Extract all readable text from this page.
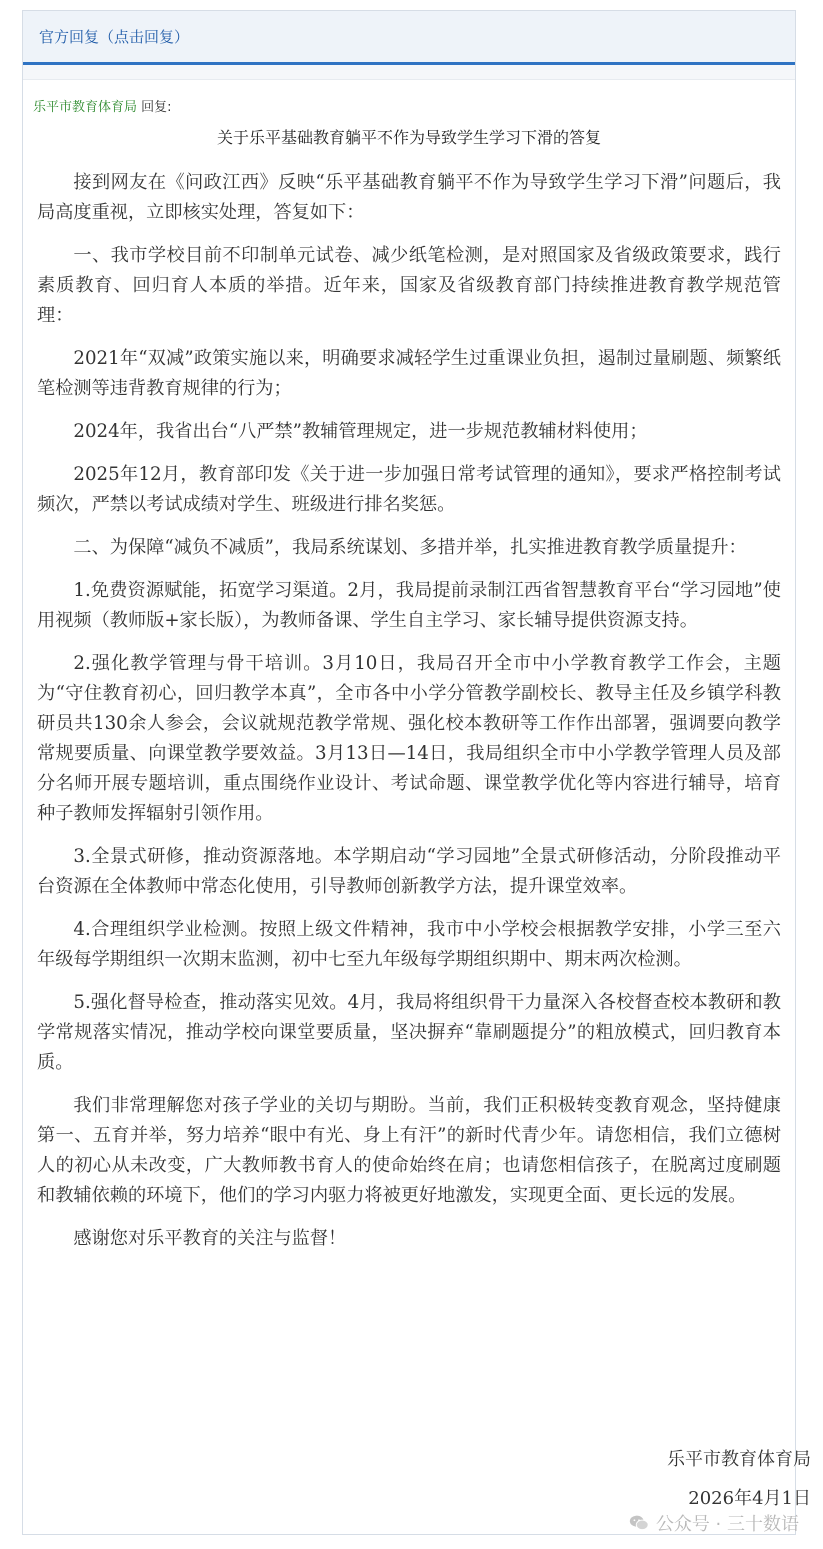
官方回复（点击回复）
乐平市教育体育局 回复:
关于乐平基础教育躺平不作为导致学生学习下滑的答复

接到网友在《问政江西》反映“乐平基础教育躺平不作为导致学生学习下滑”问题后，我局高度重视，立即核实处理，答复如下：

一、我市学校目前不印制单元试卷、减少纸笔检测，是对照国家及省级政策要求，践行素质教育、回归育人本质的举措。近年来，国家及省级教育部门持续推进教育教学规范管理：

2021年“双减”政策实施以来，明确要求减轻学生过重课业负担，遏制过量刷题、频繁纸笔检测等违背教育规律的行为；

2024年，我省出台“八严禁”教辅管理规定，进一步规范教辅材料使用；

2025年12月，教育部印发《关于进一步加强日常考试管理的通知》，要求严格控制考试频次，严禁以考试成绩对学生、班级进行排名奖惩。

二、为保障“减负不减质”，我局系统谋划、多措并举，扎实推进教育教学质量提升：

1.免费资源赋能，拓宽学习渠道。2月，我局提前录制江西省智慧教育平台“学习园地”使用视频（教师版+家长版），为教师备课、学生自主学习、家长辅导提供资源支持。

2.强化教学管理与骨干培训。3月10日，我局召开全市中小学教育教学工作会，主题为“守住教育初心，回归教学本真”，全市各中小学分管教学副校长、教导主任及乡镇学科教研员共130余人参会，会议就规范教学常规、强化校本教研等工作作出部署，强调要向教学常规要质量、向课堂教学要效益。3月13日—14日，我局组织全市中小学教学管理人员及部分名师开展专题培训，重点围绕作业设计、考试命题、课堂教学优化等内容进行辅导，培育种子教师发挥辐射引领作用。

3.全景式研修，推动资源落地。本学期启动“学习园地”全景式研修活动，分阶段推动平台资源在全体教师中常态化使用，引导教师创新教学方法，提升课堂效率。

4.合理组织学业检测。按照上级文件精神，我市中小学校会根据教学安排，小学三至六年级每学期组织一次期末监测，初中七至九年级每学期组织期中、期末两次检测。

5.强化督导检查，推动落实见效。4月，我局将组织骨干力量深入各校督查校本教研和教学常规落实情况，推动学校向课堂要质量，坚决摒弃“靠刷题提分”的粗放模式，回归教育本质。

我们非常理解您对孩子学业的关切与期盼。当前，我们正积极转变教育观念，坚持健康第一、五育并举，努力培养“眼中有光、身上有汗”的新时代青少年。请您相信，我们立德树人的初心从未改变，广大教师教书育人的使命始终在肩；也请您相信孩子，在脱离过度刷题和教辅依赖的环境下，他们的学习内驱力将被更好地激发，实现更全面、更长远的发展。

感谢您对乐平教育的关注与监督！

乐平市教育体育局
2026年4月1日
公众号 · 三十数语
